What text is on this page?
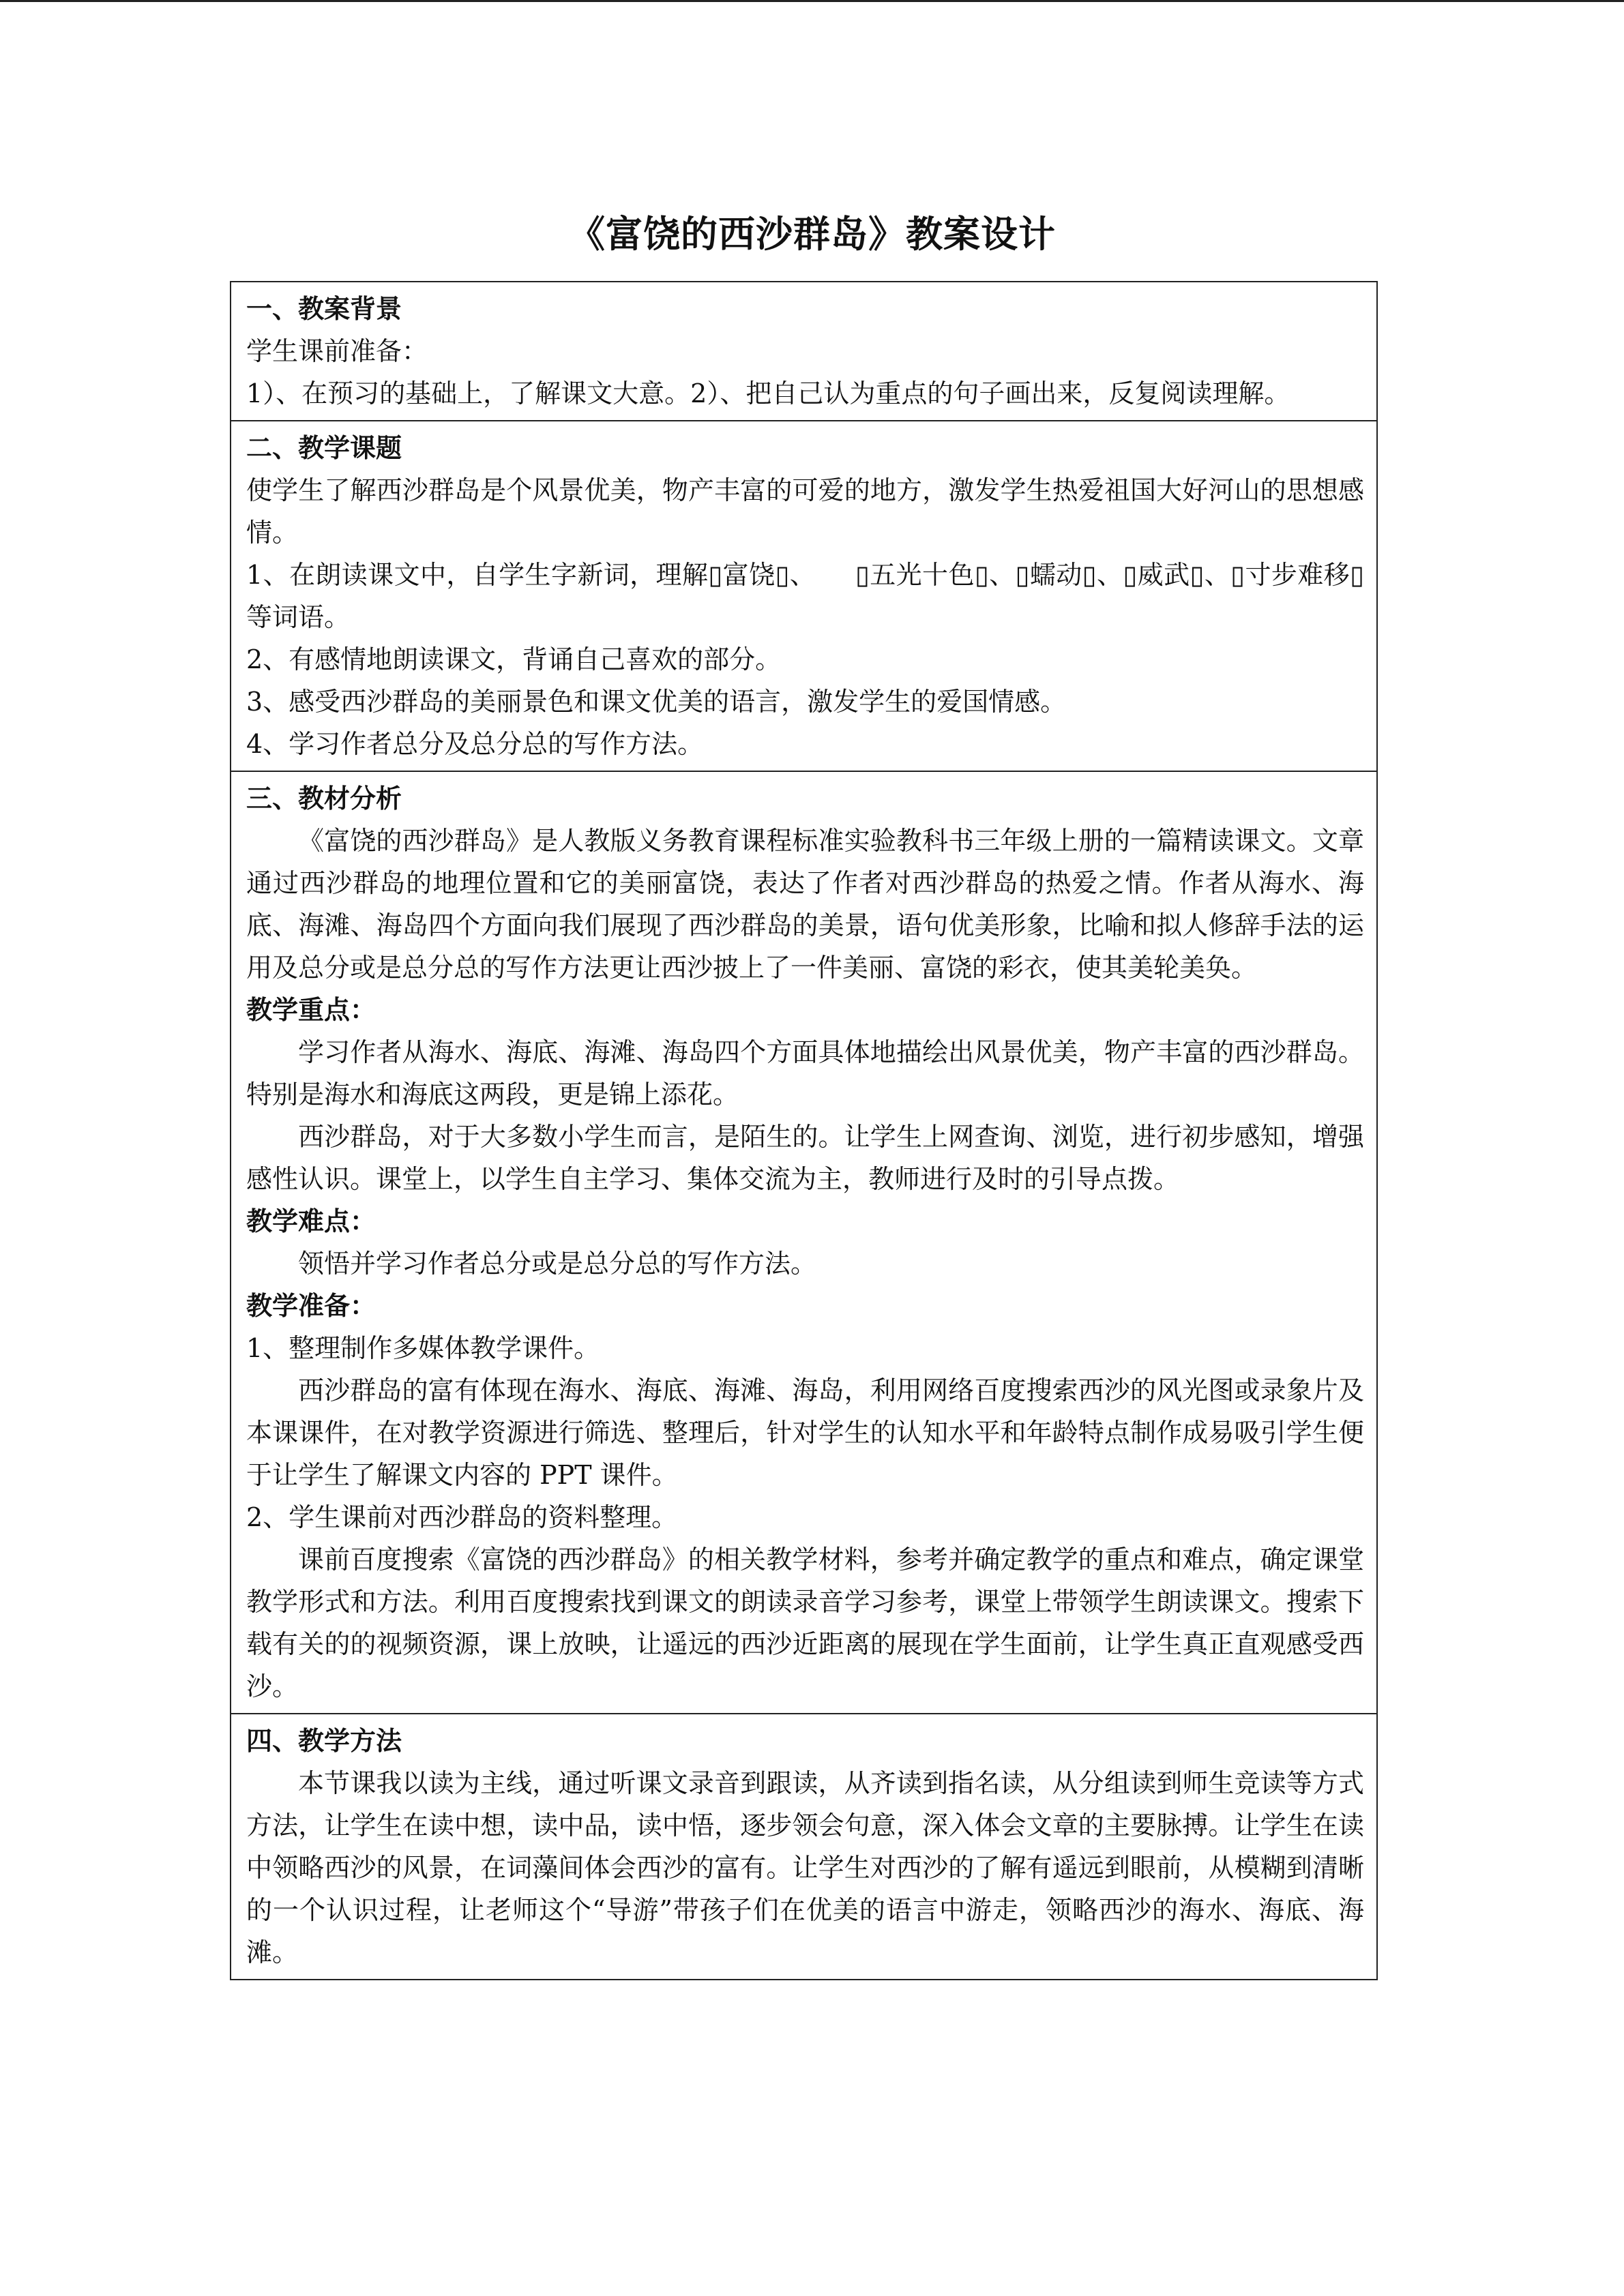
《富饶的西沙群岛》教案设计

一、教案背景

学生课前准备：

1）、在预习的基础上，了解课文大意。2）、把自己认为重点的句子画出来，反复阅读理解。

二、教学课题

使学生了解西沙群岛是个风景优美，物产丰富的可爱的地方，激发学生热爱祖国大好河山的思想感情。

1、在朗读课文中，自学生字新词，理解▯富饶▯、　　▯五光十色▯、▯蠕动▯、▯威武▯、▯寸步难移▯等词语。

2、有感情地朗读课文，背诵自己喜欢的部分。

3、感受西沙群岛的美丽景色和课文优美的语言，激发学生的爱国情感。

4、学习作者总分及总分总的写作方法。

三、教材分析

《富饶的西沙群岛》是人教版义务教育课程标准实验教科书三年级上册的一篇精读课文。文章通过西沙群岛的地理位置和它的美丽富饶，表达了作者对西沙群岛的热爱之情。作者从海水、海底、海滩、海岛四个方面向我们展现了西沙群岛的美景，语句优美形象，比喻和拟人修辞手法的运用及总分或是总分总的写作方法更让西沙披上了一件美丽、富饶的彩衣，使其美轮美奂。

教学重点：

学习作者从海水、海底、海滩、海岛四个方面具体地描绘出风景优美，物产丰富的西沙群岛。特别是海水和海底这两段，更是锦上添花。

西沙群岛，对于大多数小学生而言，是陌生的。让学生上网查询、浏览，进行初步感知，增强感性认识。课堂上，以学生自主学习、集体交流为主，教师进行及时的引导点拨。

教学难点：

领悟并学习作者总分或是总分总的写作方法。

教学准备：

1、整理制作多媒体教学课件。

西沙群岛的富有体现在海水、海底、海滩、海岛，利用网络百度搜索西沙的风光图或录象片及本课课件，在对教学资源进行筛选、整理后，针对学生的认知水平和年龄特点制作成易吸引学生便于让学生了解课文内容的 PPT 课件。

2、学生课前对西沙群岛的资料整理。

课前百度搜索《富饶的西沙群岛》的相关教学材料，参考并确定教学的重点和难点，确定课堂教学形式和方法。利用百度搜索找到课文的朗读录音学习参考，课堂上带领学生朗读课文。搜索下载有关的的视频资源，课上放映，让遥远的西沙近距离的展现在学生面前，让学生真正直观感受西沙。

四、教学方法

本节课我以读为主线，通过听课文录音到跟读，从齐读到指名读，从分组读到师生竞读等方式方法，让学生在读中想，读中品，读中悟，逐步领会句意，深入体会文章的主要脉搏。让学生在读中领略西沙的风景，在词藻间体会西沙的富有。让学生对西沙的了解有遥远到眼前，从模糊到清晰的一个认识过程，让老师这个“导游”带孩子们在优美的语言中游走，领略西沙的海水、海底、海滩。
